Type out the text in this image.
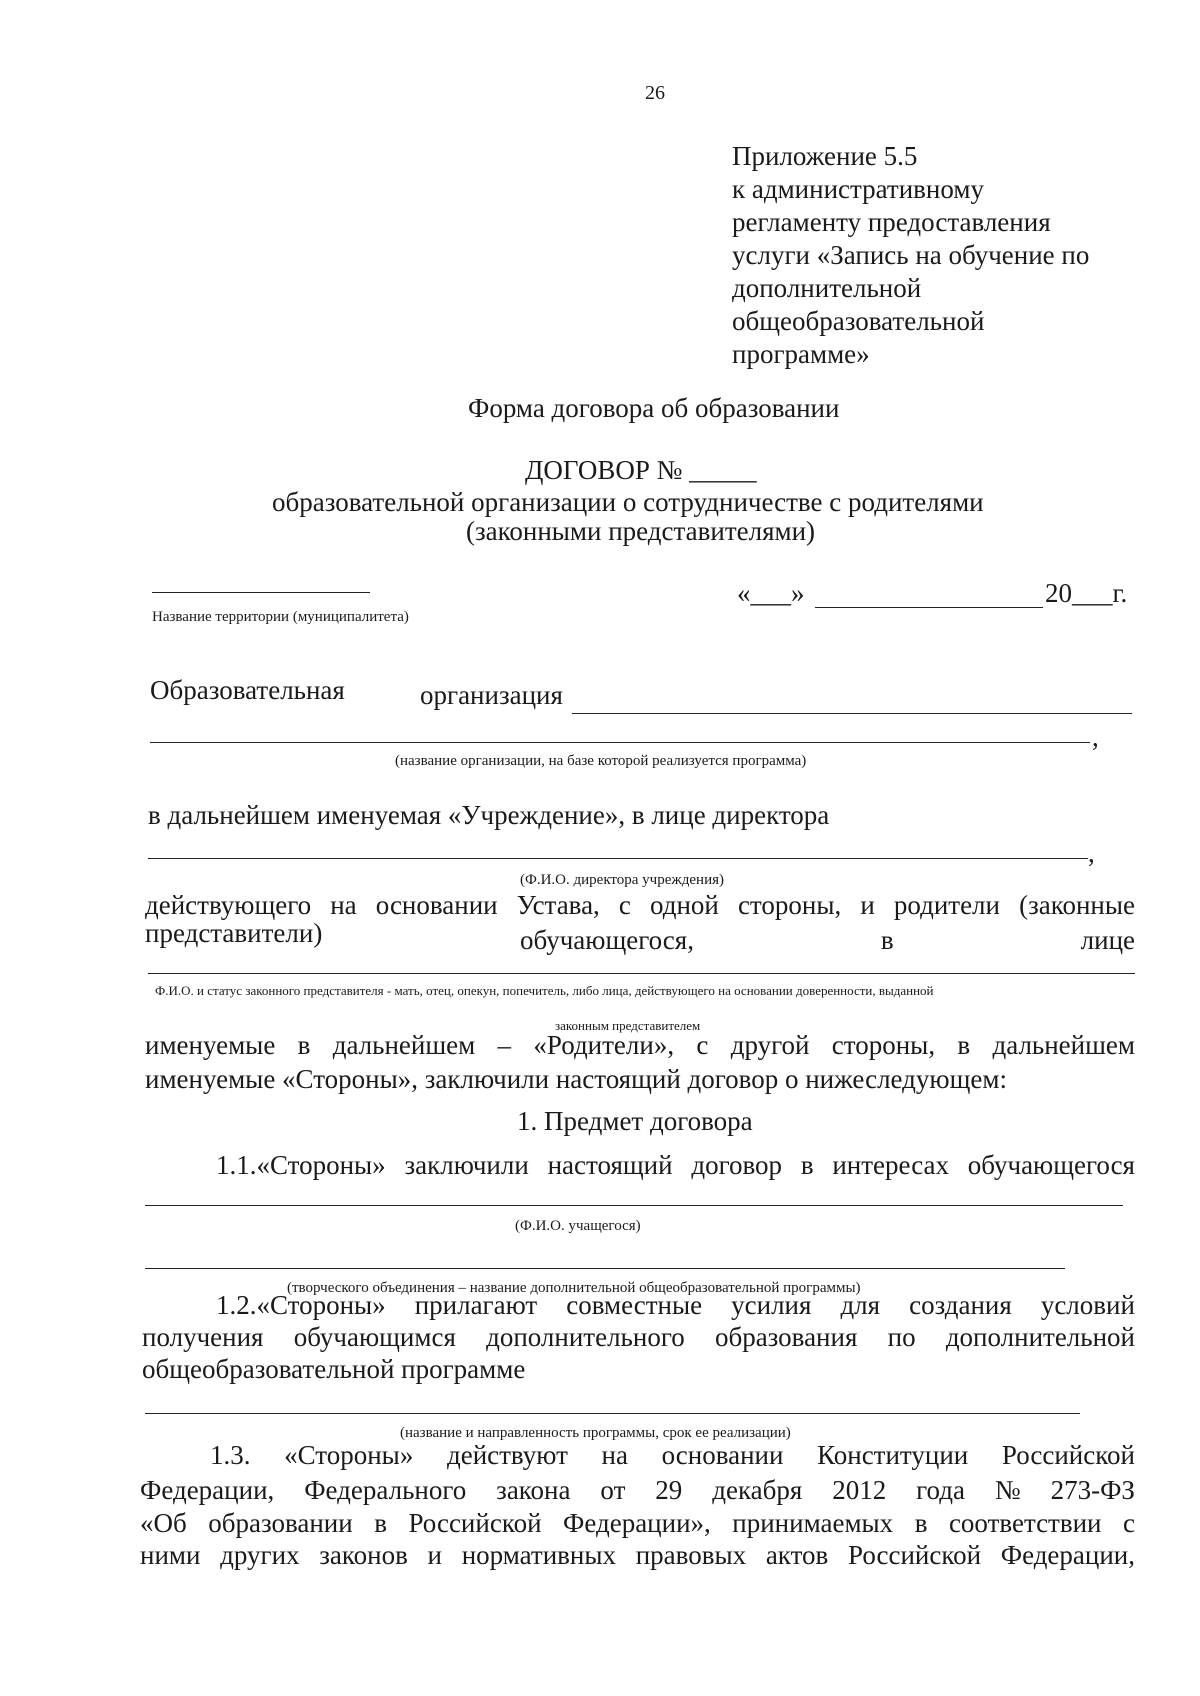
26
Приложение 5.5
к административному
регламенту предоставления
услуги «Запись на обучение по
дополнительной
общеобразовательной
программе»
Форма договора об образовании
ДОГОВОР № _____
образовательной организации о сотрудничестве с родителями
(законными представителями)
Название территории (муниципалитета)
«___»	20___г.
Образовательная	организация
,
(название организации, на базе которой реализуется программа)
в дальнейшем именуемая «Учреждение», в лице директора
,
(Ф.И.О. директора учреждения)
действующего на основании Устава, с одной стороны, и родители (законные
представители)	обучающегося,	в	лице
Ф.И.О. и статус законного представителя - мать, отец, опекун, попечитель, либо лица, действующего на основании доверенности, выданной
законным представителем
именуемые в дальнейшем – «Родители», с другой стороны, в дальнейшем
именуемые «Стороны», заключили настоящий договор о нижеследующем:
1. Предмет договора
1.1.«Стороны» заключили настоящий договор в интересах обучающегося
(Ф.И.О. учащегося)
(творческого объединения – название дополнительной общеобразовательной программы)
1.2.«Стороны» прилагают совместные усилия для создания условий
получения обучающимся дополнительного образования по дополнительной
общеобразовательной программе
(название и направленность программы, срок ее реализации)
1.3. «Стороны» действуют на основании Конституции Российской
Федерации, Федерального закона от 29 декабря 2012 года № 273-ФЗ
«Об образовании в Российской Федерации», принимаемых в соответствии с
ними других законов и нормативных правовых актов Российской Федерации,
